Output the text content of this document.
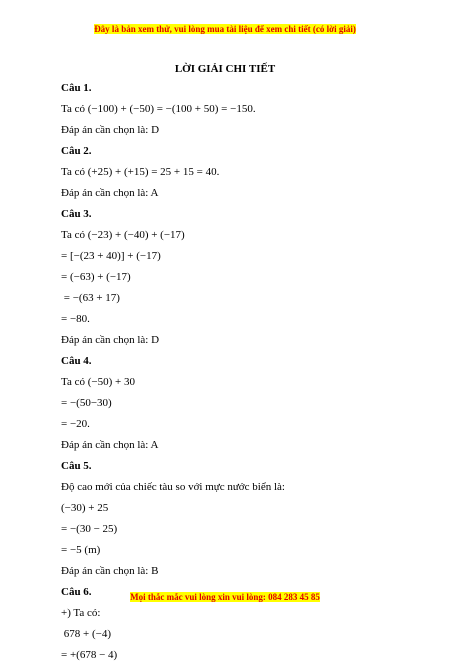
Đây là bản xem thử, vui lòng mua tài liệu để xem chi tiết (có lời giải)
LỜI GIẢI CHI TIẾT
Câu 1.
Ta có (−100) + (−50) = −(100 + 50) = −150.
Đáp án cần chọn là: D
Câu 2.
Ta có (+25) + (+15) = 25 + 15 = 40.
Đáp án cần chọn là: A
Câu 3.
Ta có (−23) + (−40) + (−17)
= [−(23 + 40)] + (−17)
= (−63) + (−17)
= −(63 + 17)
= −80.
Đáp án cần chọn là: D
Câu 4.
Ta có (−50) + 30
= −(50−30)
= −20.
Đáp án cần chọn là: A
Câu 5.
Độ cao mới của chiếc tàu so với mực nước biển là:
(−30) + 25
= −(30 − 25)
= −5 (m)
Đáp án cần chọn là: B
Câu 6.
+) Ta có:
678 + (−4)
= +(678 − 4)
Mọi thắc mắc vui lòng xin vui lòng: 084 283 45 85
